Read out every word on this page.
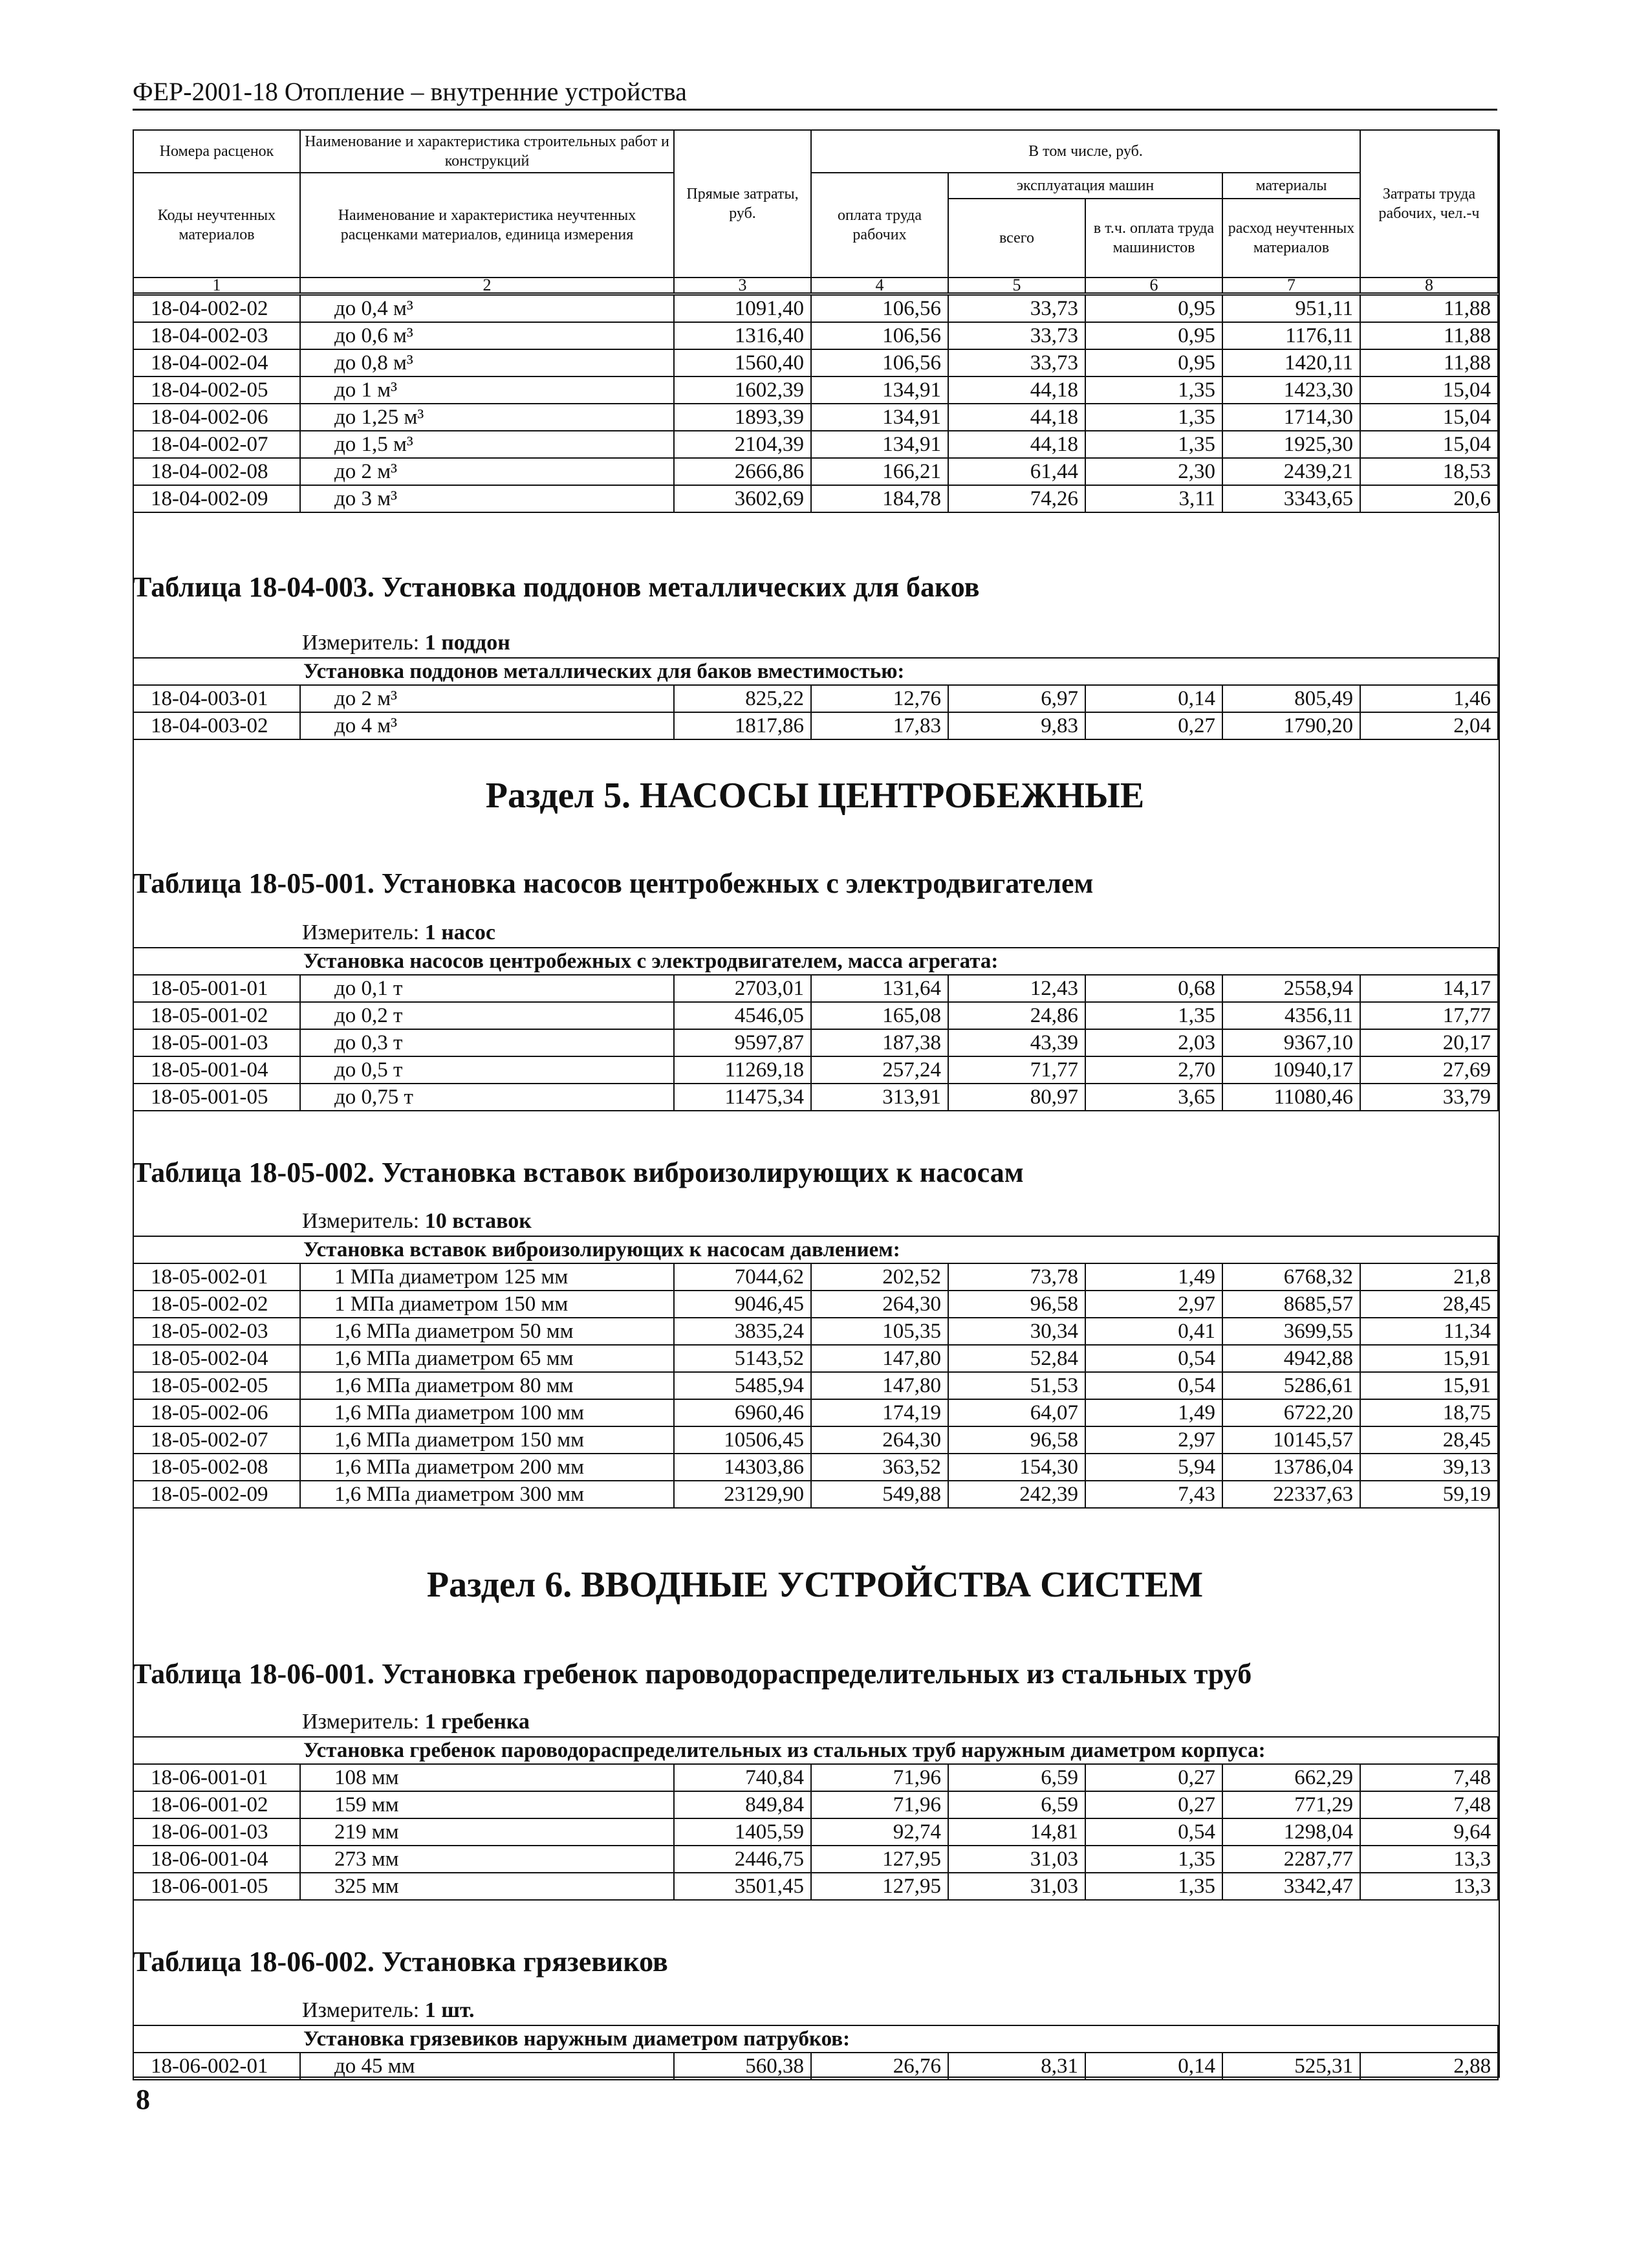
ФЕР-2001-18 Отопление – внутренние устройства
Номера расценок	Наименование и характеристика строительных работ и конструкций	Прямые затраты, руб.	В том числе, руб.				Затраты труда рабочих, чел.-ч
Коды неучтенных материалов	Наименование и характеристика неучтенных расценками материалов, единица измерения		оплата труда рабочих	эксплуатация машин		материалы	
				всего	в т.ч. оплата труда машинистов	расход неучтенных материалов	
1	2	3	4	5	6	7	8
18-04-002-02	до 0,4 м³	1091,40	106,56	33,73	0,95	951,11	11,88
18-04-002-03	до 0,6 м³	1316,40	106,56	33,73	0,95	1176,11	11,88
18-04-002-04	до 0,8 м³	1560,40	106,56	33,73	0,95	1420,11	11,88
18-04-002-05	до 1 м³	1602,39	134,91	44,18	1,35	1423,30	15,04
18-04-002-06	до 1,25 м³	1893,39	134,91	44,18	1,35	1714,30	15,04
18-04-002-07	до 1,5 м³	2104,39	134,91	44,18	1,35	1925,30	15,04
18-04-002-08	до 2 м³	2666,86	166,21	61,44	2,30	2439,21	18,53
18-04-002-09	до 3 м³	3602,69	184,78	74,26	3,11	3343,65	20,6
Таблица 18-04-003. Установка поддонов металлических для баков
Измеритель: 1 поддон
Установка поддонов металлических для баков вместимостью:							
18-04-003-01	до 2 м³	825,22	12,76	6,97	0,14	805,49	1,46
18-04-003-02	до 4 м³	1817,86	17,83	9,83	0,27	1790,20	2,04
Раздел 5. НАСОСЫ ЦЕНТРОБЕЖНЫЕ
Таблица 18-05-001. Установка насосов центробежных с электродвигателем
Измеритель: 1 насос
Установка насосов центробежных с электродвигателем, масса агрегата:							
18-05-001-01	до 0,1 т	2703,01	131,64	12,43	0,68	2558,94	14,17
18-05-001-02	до 0,2 т	4546,05	165,08	24,86	1,35	4356,11	17,77
18-05-001-03	до 0,3 т	9597,87	187,38	43,39	2,03	9367,10	20,17
18-05-001-04	до 0,5 т	11269,18	257,24	71,77	2,70	10940,17	27,69
18-05-001-05	до 0,75 т	11475,34	313,91	80,97	3,65	11080,46	33,79
Таблица 18-05-002. Установка вставок виброизолирующих к насосам
Измеритель: 10 вставок
Установка вставок виброизолирующих к насосам давлением:							
18-05-002-01	1 МПа диаметром 125 мм	7044,62	202,52	73,78	1,49	6768,32	21,8
18-05-002-02	1 МПа диаметром 150 мм	9046,45	264,30	96,58	2,97	8685,57	28,45
18-05-002-03	1,6 МПа диаметром 50 мм	3835,24	105,35	30,34	0,41	3699,55	11,34
18-05-002-04	1,6 МПа диаметром 65 мм	5143,52	147,80	52,84	0,54	4942,88	15,91
18-05-002-05	1,6 МПа диаметром 80 мм	5485,94	147,80	51,53	0,54	5286,61	15,91
18-05-002-06	1,6 МПа диаметром 100 мм	6960,46	174,19	64,07	1,49	6722,20	18,75
18-05-002-07	1,6 МПа диаметром 150 мм	10506,45	264,30	96,58	2,97	10145,57	28,45
18-05-002-08	1,6 МПа диаметром 200 мм	14303,86	363,52	154,30	5,94	13786,04	39,13
18-05-002-09	1,6 МПа диаметром 300 мм	23129,90	549,88	242,39	7,43	22337,63	59,19
Раздел 6. ВВОДНЫЕ УСТРОЙСТВА СИСТЕМ
Таблица 18-06-001. Установка гребенок пароводораспределительных из стальных труб
Измеритель: 1 гребенка
Установка гребенок пароводораспределительных из стальных труб наружным диаметром корпуса:							
18-06-001-01	108 мм	740,84	71,96	6,59	0,27	662,29	7,48
18-06-001-02	159 мм	849,84	71,96	6,59	0,27	771,29	7,48
18-06-001-03	219 мм	1405,59	92,74	14,81	0,54	1298,04	9,64
18-06-001-04	273 мм	2446,75	127,95	31,03	1,35	2287,77	13,3
18-06-001-05	325 мм	3501,45	127,95	31,03	1,35	3342,47	13,3
Таблица 18-06-002. Установка грязевиков
Измеритель: 1 шт.
Установка грязевиков наружным диаметром патрубков:
18-06-002-01	до 45 мм	560,38	26,76	8,31	0,14	525,31	2,88
8
